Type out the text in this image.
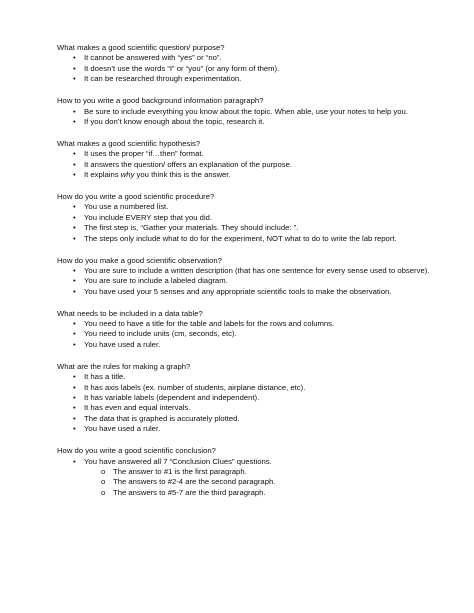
What makes a good scientific question/ purpose?

• It cannot be answered with “yes” or “no”.
• It doesn’t use the words “I” or “you” (or any form of them).
• It can be researched through experimentation.

How to you write a good background information paragraph?

• Be sure to include everything you know about the topic. When able, use your notes to help you.
• If you don’t know enough about the topic, research it.

What makes a good scientific hypothesis?

• It uses the proper “if…then” format.
• It answers the question/ offers an explanation of the purpose.
• It explains why you think this is the answer.

How do you write a good scientific procedure?

• You use a numbered list.
• You include EVERY step that you did.
• The first step is, “Gather your materials. They should include: ”.
• The steps only include what to do for the experiment, NOT what to do to write the lab report.

How do you make a good scientific observation?

• You are sure to include a written description (that has one sentence for every sense used to observe).
• You are sure to include a labeled diagram.
• You have used your 5 senses and any appropriate scientific tools to make the observation.

What needs to be included in a data table?

• You need to have a title for the table and labels for the rows and columns.
• You need to include units (cm, seconds, etc).
• You have used a ruler.

What are the rules for making a graph?

• It has a title.
• It has axis labels (ex. number of students, airplane distance, etc).
• It has variable labels (dependent and independent).
• It has even and equal intervals.
• The data that is graphed is accurately plotted.
• You have used a ruler.

How do you write a good scientific conclusion?

• You have answered all 7 “Conclusion Clues” questions.
o The answer to #1 is the first paragraph.
o The answers to #2-4 are the second paragraph.
o The answers to #5-7 are the third paragraph.
